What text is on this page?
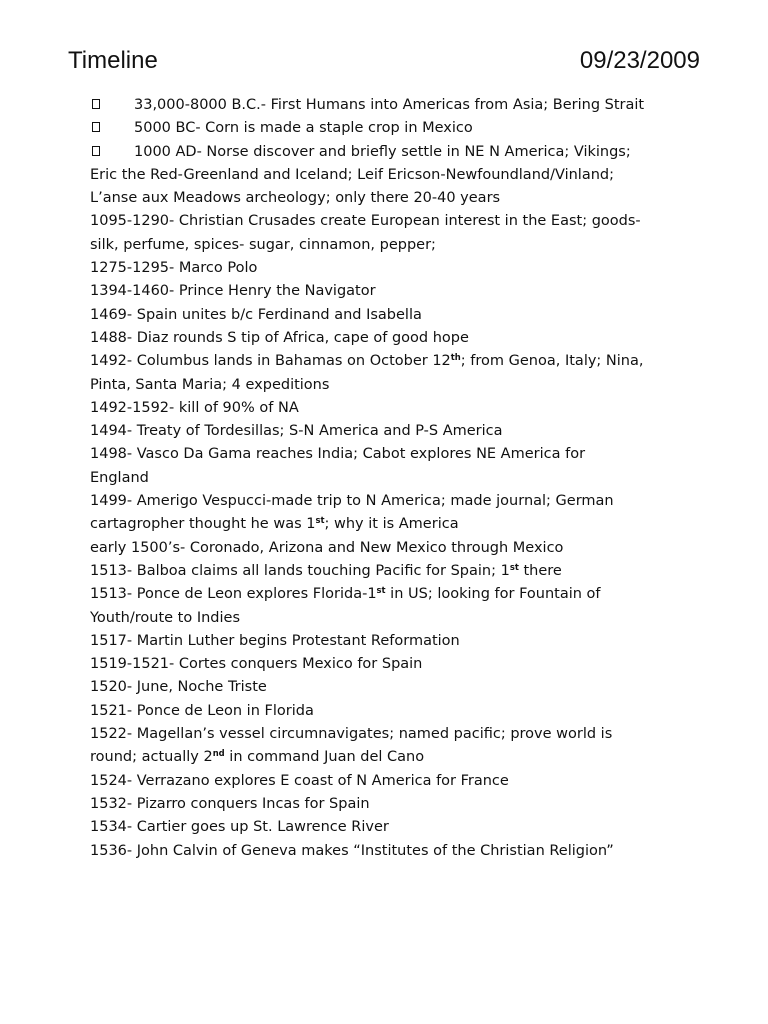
Timeline	09/23/2009
33,000-8000 B.C.- First Humans into Americas from Asia; Bering Strait
5000 BC- Corn is made a staple crop in Mexico
1000 AD- Norse discover and briefly settle in NE N America; Vikings;
Eric the Red-Greenland and Iceland; Leif Ericson-Newfoundland/Vinland;
L’anse aux Meadows archeology; only there 20-40 years
1095-1290- Christian Crusades create European interest in the East; goods-
silk, perfume, spices- sugar, cinnamon, pepper;
1275-1295- Marco Polo
1394-1460- Prince Henry the Navigator
1469- Spain unites b/c Ferdinand and Isabella
1488- Diaz rounds S tip of Africa, cape of good hope
1492- Columbus lands in Bahamas on October 12th; from Genoa, Italy; Nina,
Pinta, Santa Maria; 4 expeditions
1492-1592- kill of 90% of NA
1494- Treaty of Tordesillas; S-N America and P-S America
1498- Vasco Da Gama reaches India; Cabot explores NE America for
England
1499- Amerigo Vespucci-made trip to N America; made journal; German
cartagropher thought he was 1st; why it is America
early 1500’s- Coronado, Arizona and New Mexico through Mexico
1513- Balboa claims all lands touching Pacific for Spain; 1st there
1513- Ponce de Leon explores Florida-1st in US; looking for Fountain of
Youth/route to Indies
1517- Martin Luther begins Protestant Reformation
1519-1521- Cortes conquers Mexico for Spain
1520- June, Noche Triste
1521- Ponce de Leon in Florida
1522- Magellan’s vessel circumnavigates; named pacific; prove world is
round; actually 2nd in command Juan del Cano
1524- Verrazano explores E coast of N America for France
1532- Pizarro conquers Incas for Spain
1534- Cartier goes up St. Lawrence River
1536- John Calvin of Geneva makes “Institutes of the Christian Religion”
